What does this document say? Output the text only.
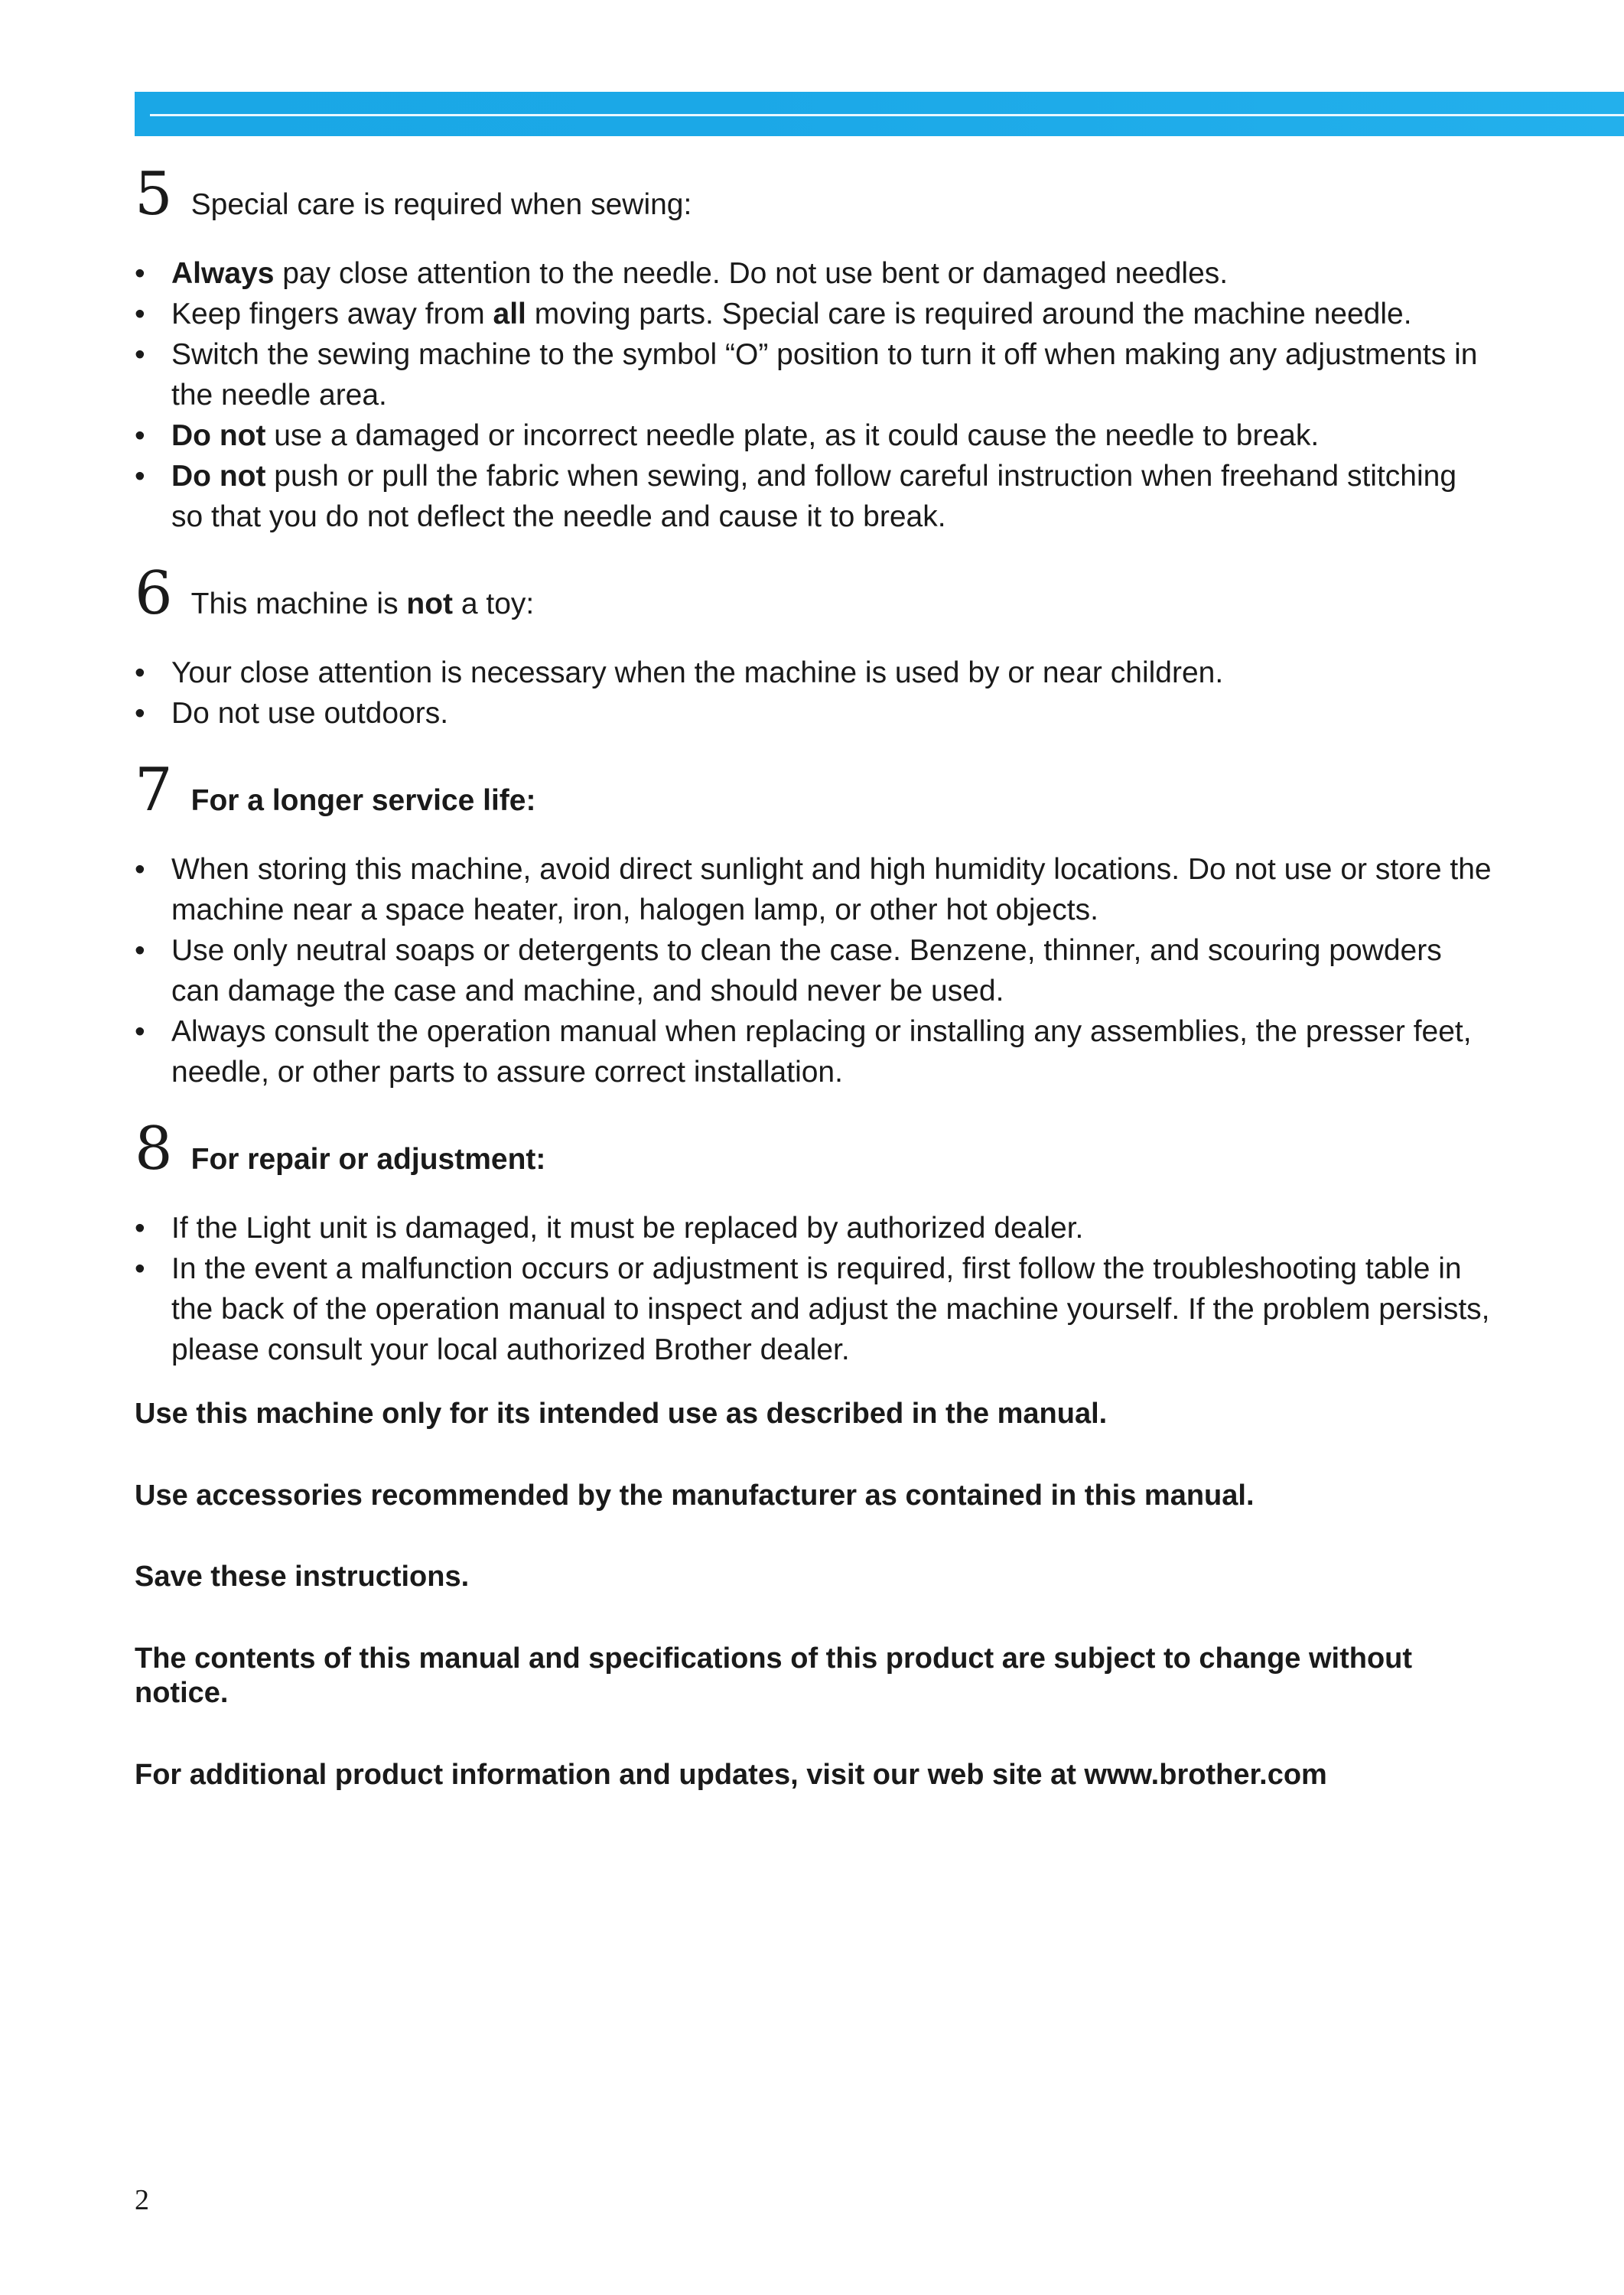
5 Special care is required when sewing:
• Always pay close attention to the needle. Do not use bent or damaged needles.
• Keep fingers away from all moving parts. Special care is required around the machine needle.
• Switch the sewing machine to the symbol “O” position to turn it off when making any adjustments in the needle area.
• Do not use a damaged or incorrect needle plate, as it could cause the needle to break.
• Do not push or pull the fabric when sewing, and follow careful instruction when freehand stitching so that you do not deflect the needle and cause it to break.
6 This machine is not a toy:
• Your close attention is necessary when the machine is used by or near children.
• Do not use outdoors.
7 For a longer service life:
• When storing this machine, avoid direct sunlight and high humidity locations. Do not use or store the machine near a space heater, iron, halogen lamp, or other hot objects.
• Use only neutral soaps or detergents to clean the case. Benzene, thinner, and scouring powders can damage the case and machine, and should never be used.
• Always consult the operation manual when replacing or installing any assemblies, the presser feet, needle, or other parts to assure correct installation.
8 For repair or adjustment:
• If the Light unit is damaged, it must be replaced by authorized dealer.
• In the event a malfunction occurs or adjustment is required, first follow the troubleshooting table in the back of the operation manual to inspect and adjust the machine yourself. If the problem persists, please consult your local authorized Brother dealer.

Use this machine only for its intended use as described in the manual.

Use accessories recommended by the manufacturer as contained in this manual.

Save these instructions.

The contents of this manual and specifications of this product are subject to change without notice.

For additional product information and updates, visit our web site at www.brother.com

2
